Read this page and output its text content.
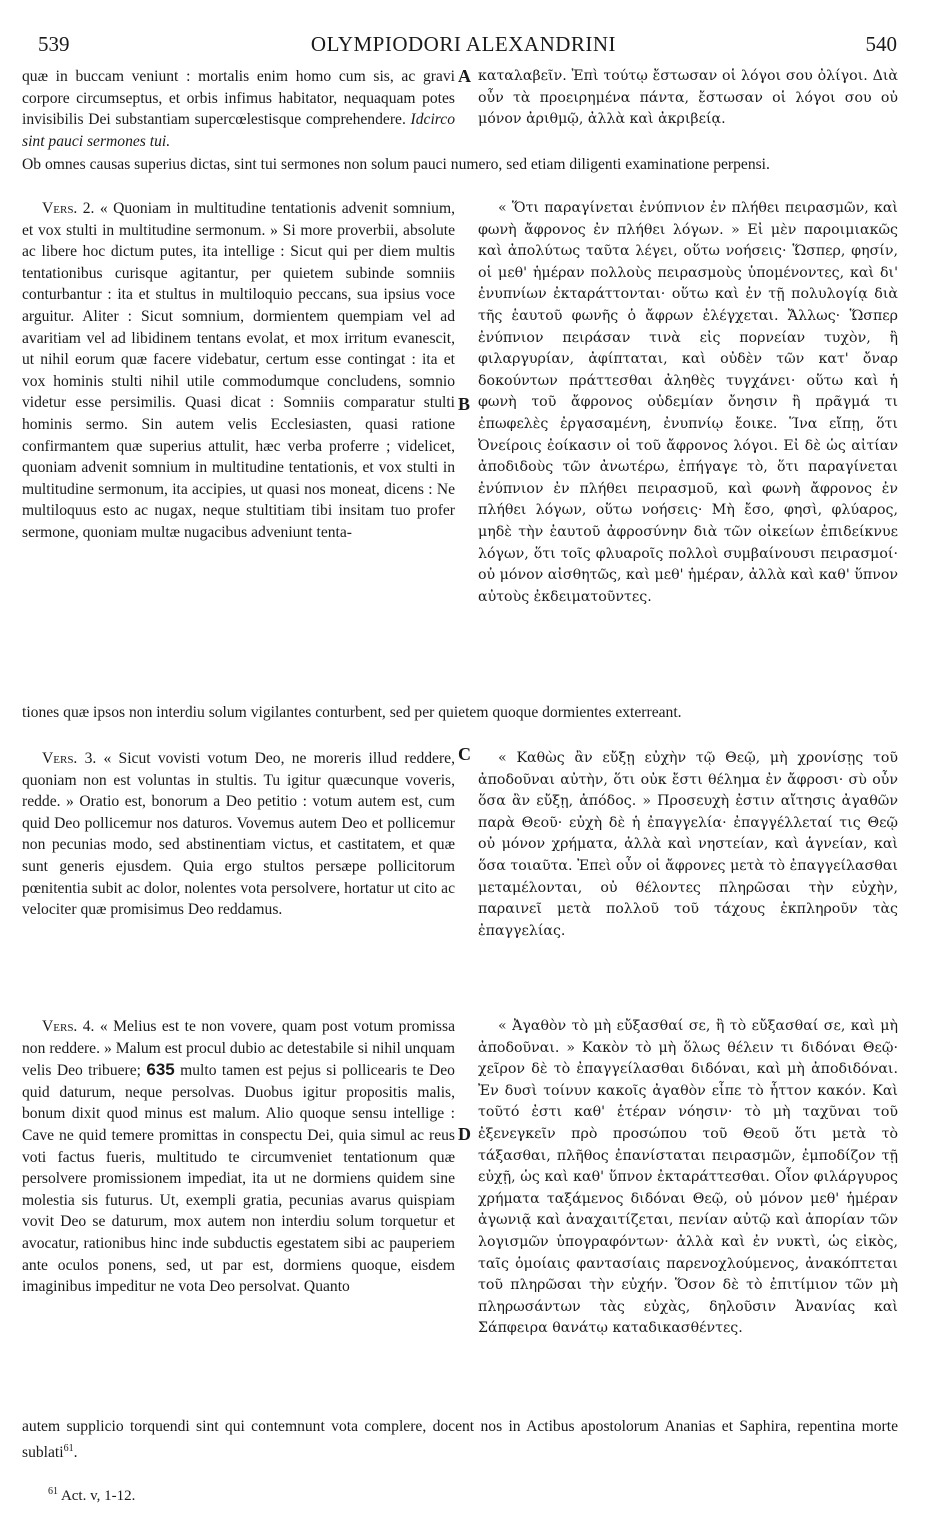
539	OLYMPIODORI ALEXANDRINI	540
A
B
C
D

quæ in buccam veniunt : mortalis enim homo cum sis, ac gravi corpore circumseptus, et orbis infimus habitator, nequaquam potes invisibilis Dei substantiam supercœlestisque comprehendere. Idcirco sint pauci sermones tui.

καταλαβεῖν. Ἐπὶ τούτῳ ἔστωσαν οἱ λόγοι σου ὀλίγοι. Διὰ οὖν τὰ προειρημένα πάντα, ἔστωσαν οἱ λόγοι σου οὐ μόνον ἀριθμῷ, ἀλλὰ καὶ ἀκριβείᾳ.

Ob omnes causas superius dictas, sint tui sermones non solum pauci numero, sed etiam diligenti examinatione perpensi.

Vers. 2. « Quoniam in multitudine tentationis advenit somnium, et vox stulti in multitudine sermonum. » Si more proverbii, absolute ac libere hoc dictum putes, ita intellige : Sicut qui per diem multis tentationibus curisque agitantur, per quietem subinde somniis conturbantur : ita et stultus in multiloquio peccans, sua ipsius voce arguitur. Aliter : Sicut somnium, dormientem quempiam vel ad avaritiam vel ad libidinem tentans evolat, et mox irritum evanescit, ut nihil eorum quæ facere videbatur, certum esse contingat : ita et vox hominis stulti nihil utile commodumque concludens, somnio videtur esse persimilis. Quasi dicat : Somniis comparatur stulti hominis sermo. Sin autem velis Ecclesiasten, quasi ratione confirmantem quæ superius attulit, hæc verba proferre ; videlicet, quoniam advenit somnium in multitudine tentationis, et vox stulti in multitudine sermonum, ita accipies, ut quasi nos moneat, dicens : Ne multiloquus esto ac nugax, neque stultitiam tibi insitam tuo profer sermone, quoniam multæ nugacibus adveniunt tenta-

« Ὅτι παραγίνεται ἐνύπνιον ἐν πλήθει πειρασμῶν, καὶ φωνὴ ἄφρονος ἐν πλήθει λόγων. » Εἰ μὲν παροιμιακῶς καὶ ἀπολύτως ταῦτα λέγει, οὕτω νοήσεις· Ὥσπερ, φησίν, οἱ μεθ' ἡμέραν πολλοὺς πειρασμοὺς ὑπομένοντες, καὶ δι' ἐνυπνίων ἐκταράττονται· οὕτω καὶ ἐν τῇ πολυλογίᾳ διὰ τῆς ἑαυτοῦ φωνῆς ὁ ἄφρων ἐλέγχεται. Ἄλλως· Ὥσπερ ἐνύπνιον πειράσαν τινὰ εἰς πορνείαν τυχὸν, ἢ φιλαργυρίαν, ἀφίπταται, καὶ οὐδὲν τῶν κατ' ὄναρ δοκούντων πράττεσθαι ἀληθὲς τυγχάνει· οὕτω καὶ ἡ φωνὴ τοῦ ἄφρονος οὐδεμίαν ὄνησιν ἢ πρᾶγμά τι ἐπωφελὲς ἐργασαμένη, ἐνυπνίῳ ἔοικε. Ἵνα εἴπῃ, ὅτι Ὀνείροις ἐοίκασιν οἱ τοῦ ἄφρονος λόγοι. Εἰ δὲ ὡς αἰτίαν ἀποδιδοὺς τῶν ἀνωτέρω, ἐπήγαγε τὸ, ὅτι παραγίνεται ἐνύπνιον ἐν πλήθει πειρασμοῦ, καὶ φωνὴ ἄφρονος ἐν πλήθει λόγων, οὕτω νοήσεις· Μὴ ἔσο, φησὶ, φλύαρος, μηδὲ τὴν ἑαυτοῦ ἀφροσύνην διὰ τῶν οἰκείων ἐπιδείκνυε λόγων, ὅτι τοῖς φλυαροῖς πολλοὶ συμβαίνουσι πειρασμοί· οὐ μόνον αἰσθητῶς, καὶ μεθ' ἡμέραν, ἀλλὰ καὶ καθ' ὕπνον αὐτοὺς ἐκδειματοῦντες.

tiones quæ ipsos non interdiu solum vigilantes conturbent, sed per quietem quoque dormientes exterreant.

Vers. 3. « Sicut vovisti votum Deo, ne moreris illud reddere, quoniam non est voluntas in stultis. Tu igitur quæcunque voveris, redde. » Oratio est, bonorum a Deo petitio : votum autem est, cum quid Deo pollicemur nos daturos. Vovemus autem Deo et pollicemur non pecunias modo, sed abstinentiam victus, et castitatem, et quæ sunt generis ejusdem. Quia ergo stultos persæpe pollicitorum pœnitentia subit ac dolor, nolentes vota persolvere, hortatur ut cito ac velociter quæ promisimus Deo reddamus.

« Καθὼς ἂν εὔξῃ εὐχὴν τῷ Θεῷ, μὴ χρονίσῃς τοῦ ἀποδοῦναι αὐτὴν, ὅτι οὐκ ἔστι θέλημα ἐν ἄφροσι· σὺ οὖν ὅσα ἂν εὔξῃ, ἀπόδος. » Προσευχὴ ἐστιν αἴτησις ἀγαθῶν παρὰ Θεοῦ· εὐχὴ δὲ ἡ ἐπαγγελία· ἐπαγγέλλεταί τις Θεῷ οὐ μόνον χρήματα, ἀλλὰ καὶ νηστείαν, καὶ ἁγνείαν, καὶ ὅσα τοιαῦτα. Ἐπεὶ οὖν οἱ ἄφρονες μετὰ τὸ ἐπαγγείλασθαι μεταμέλονται, οὐ θέλοντες πληρῶσαι τὴν εὐχὴν, παραινεῖ μετὰ πολλοῦ τοῦ τάχους ἐκπληροῦν τὰς ἐπαγγελίας.

Vers. 4. « Melius est te non vovere, quam post votum promissa non reddere. » Malum est procul dubio ac detestabile si nihil unquam velis Deo tribuere; 635 multo tamen est pejus si pollicearis te Deo quid daturum, neque persolvas. Duobus igitur propositis malis, bonum dixit quod minus est malum. Alio quoque sensu intellige : Cave ne quid temere promittas in conspectu Dei, quia simul ac reus voti factus fueris, multitudo te circumveniet tentationum quæ persolvere promissionem impediat, ita ut ne dormiens quidem sine molestia sis futurus. Ut, exempli gratia, pecunias avarus quispiam vovit Deo se daturum, mox autem non interdiu solum torquetur et avocatur, rationibus hinc inde subductis egestatem sibi ac pauperiem ante oculos ponens, sed, ut par est, dormiens quoque, eisdem imaginibus impeditur ne vota Deo persolvat. Quanto

« Ἀγαθὸν τὸ μὴ εὔξασθαί σε, ἢ τὸ εὔξασθαί σε, καὶ μὴ ἀποδοῦναι. » Κακὸν τὸ μὴ ὅλως θέλειν τι διδόναι Θεῷ· χεῖρον δὲ τὸ ἐπαγγείλασθαι διδόναι, καὶ μὴ ἀποδιδόναι. Ἐν δυσὶ τοίνυν κακοῖς ἀγαθὸν εἶπε τὸ ἧττον κακόν. Καὶ τοῦτό ἐστι καθ' ἑτέραν νόησιν· τὸ μὴ ταχῦναι τοῦ ἐξενεγκεῖν πρὸ προσώπου τοῦ Θεοῦ ὅτι μετὰ τὸ τάξασθαι, πλῆθος ἐπανίσταται πειρασμῶν, ἐμποδίζον τῇ εὐχῇ, ὡς καὶ καθ' ὕπνον ἐκταράττεσθαι. Οἷον φιλάργυρος χρήματα ταξάμενος διδόναι Θεῷ, οὐ μόνον μεθ' ἡμέραν ἀγωνιᾷ καὶ ἀναχαιτίζεται, πενίαν αὐτῷ καὶ ἀπορίαν τῶν λογισμῶν ὑπογραφόντων· ἀλλὰ καὶ ἐν νυκτὶ, ὡς εἰκὸς, ταῖς ὁμοίαις φαντασίαις παρενοχλούμενος, ἀνακόπτεται τοῦ πληρῶσαι τὴν εὐχήν. Ὅσον δὲ τὸ ἐπιτίμιον τῶν μὴ πληρωσάντων τὰς εὐχὰς, δηλοῦσιν Ἀνανίας καὶ Σάπφειρα θανάτῳ καταδικασθέντες.

autem supplicio torquendi sint qui contemnunt vota complere, docent nos in Actibus apostolorum Ananias et Saphira, repentina morte sublati$^{61}$.
$^{61}$ Act. v, 1-12.
